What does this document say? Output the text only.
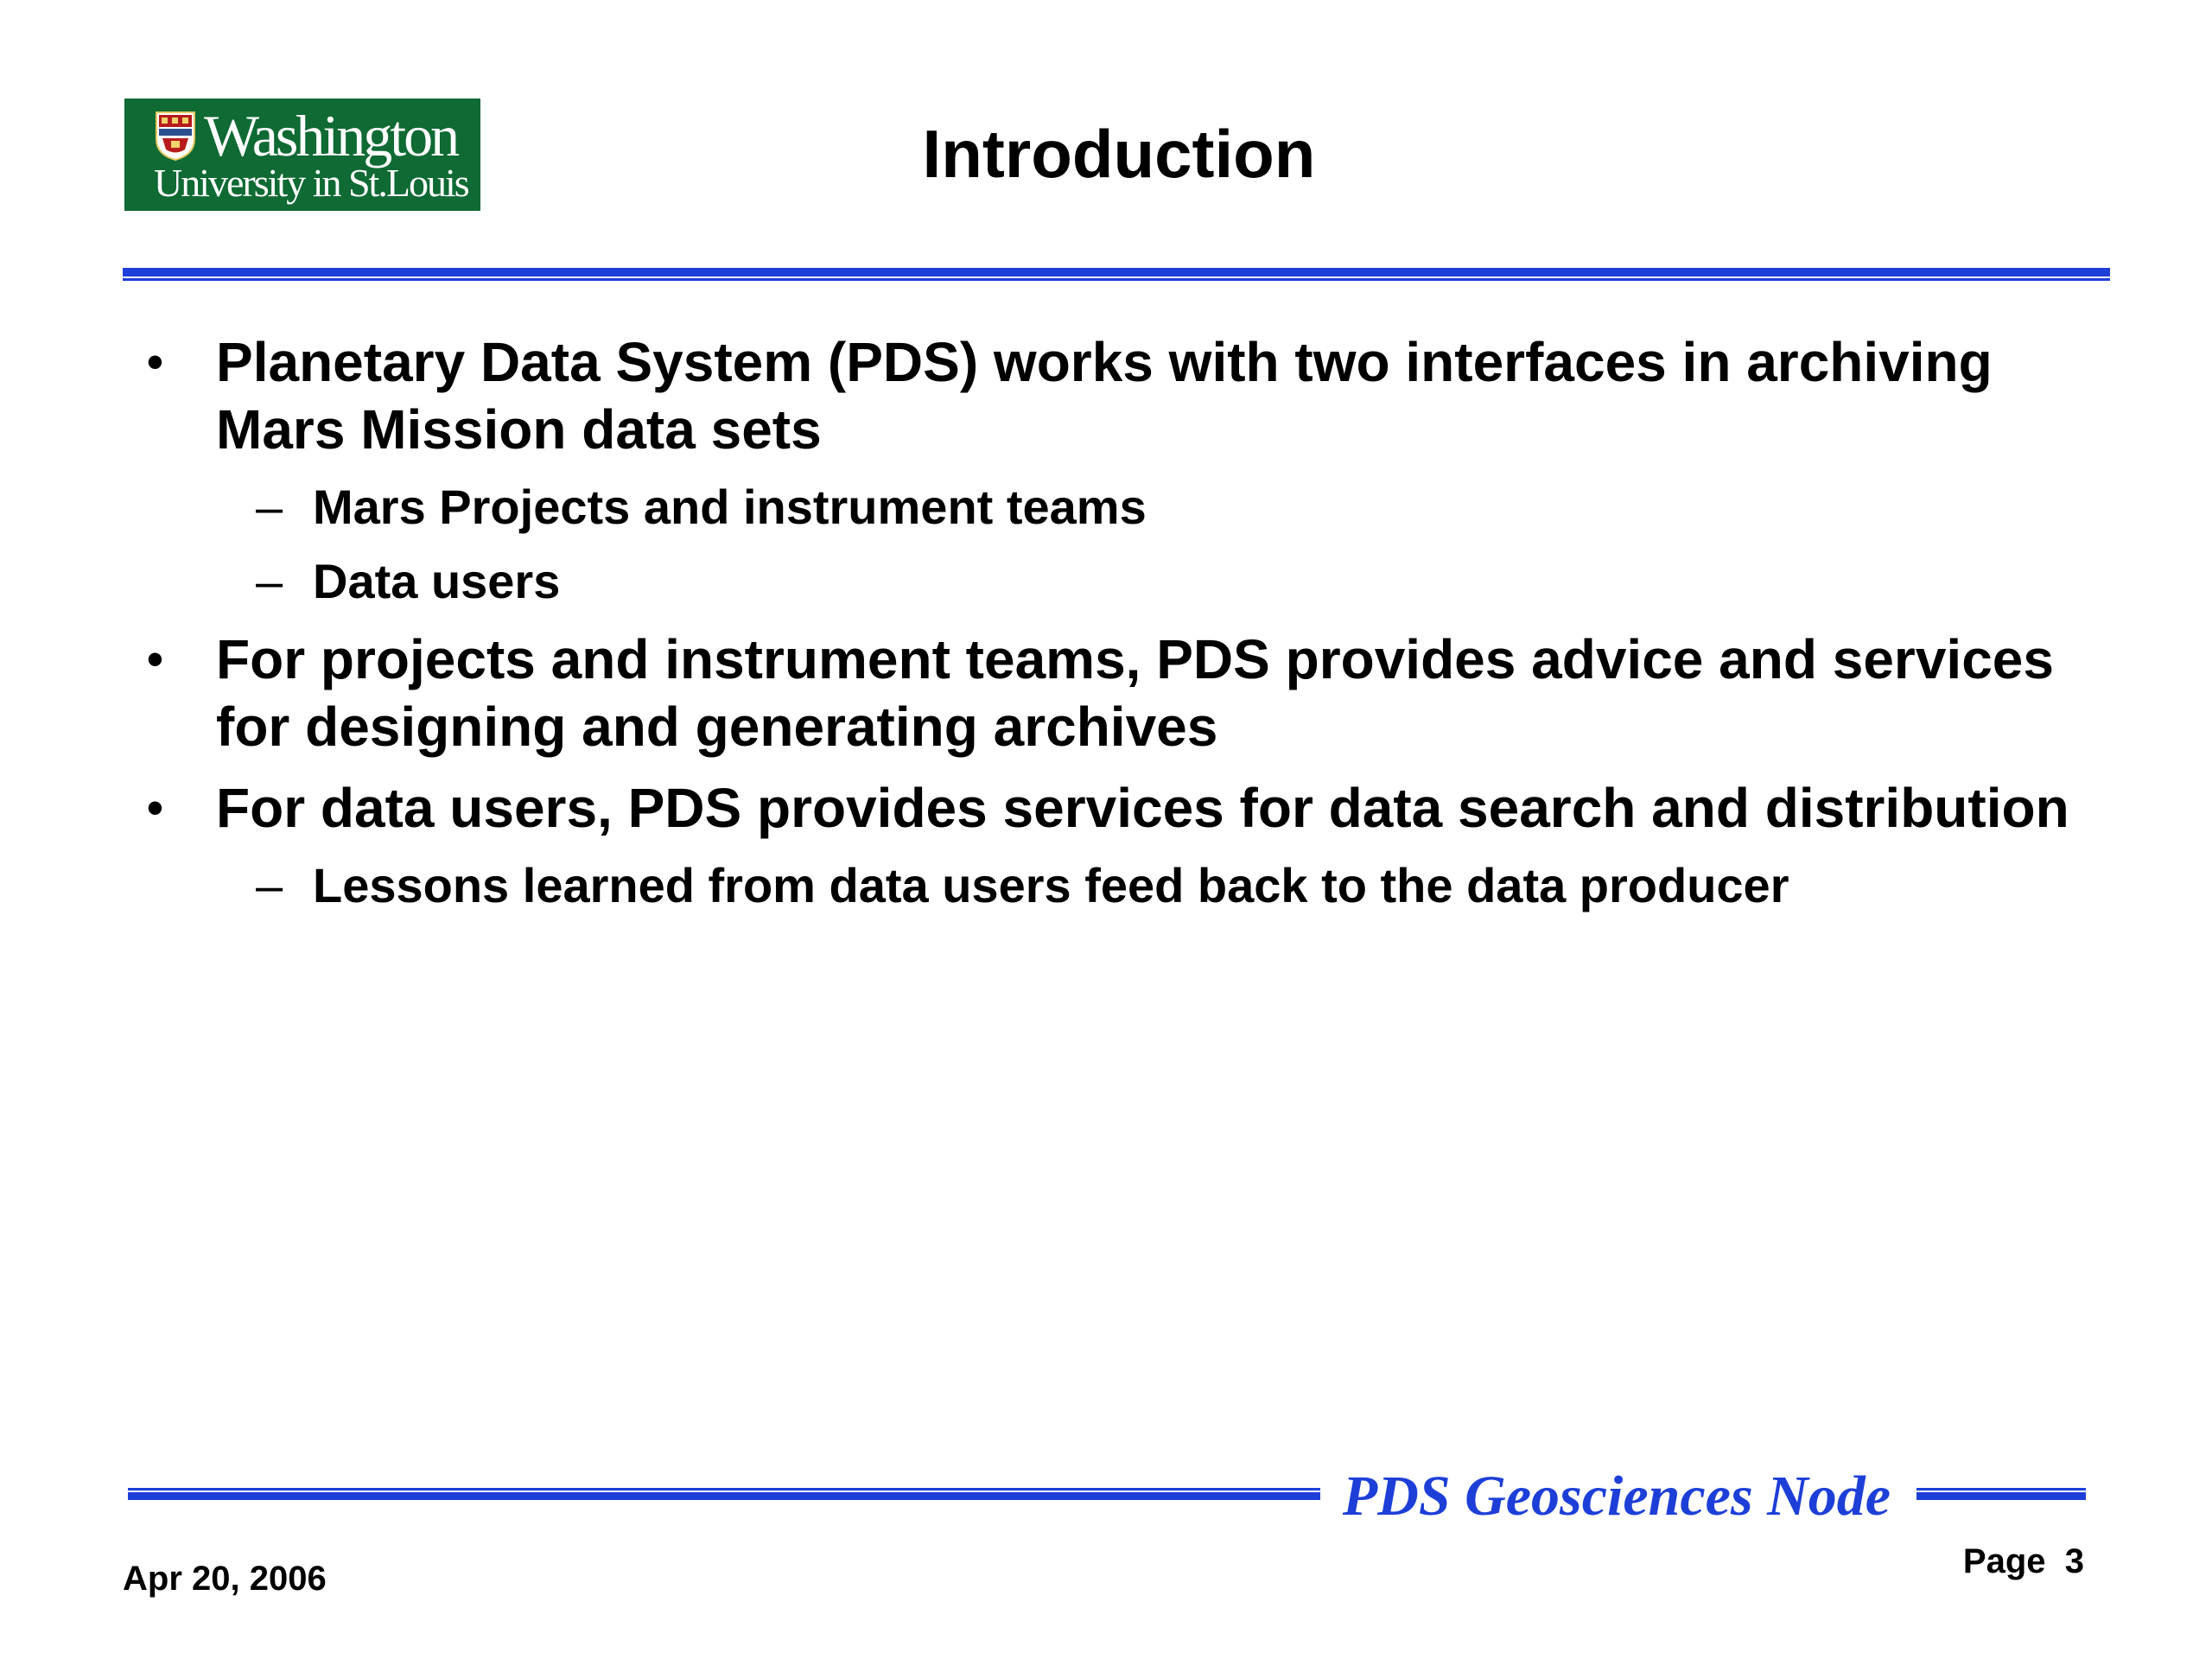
Washington
University in St.Louis	Introduction
• Planetary Data System (PDS) works with two interfaces in archiving Mars Mission data sets
– Mars Projects and instrument teams
– Data users
• For projects and instrument teams, PDS provides advice and services for designing and generating archives
• For data users, PDS provides services for data search and distribution
– Lessons learned from data users feed back to the data producer
PDS Geosciences Node
Apr 20, 2006	Page 3
